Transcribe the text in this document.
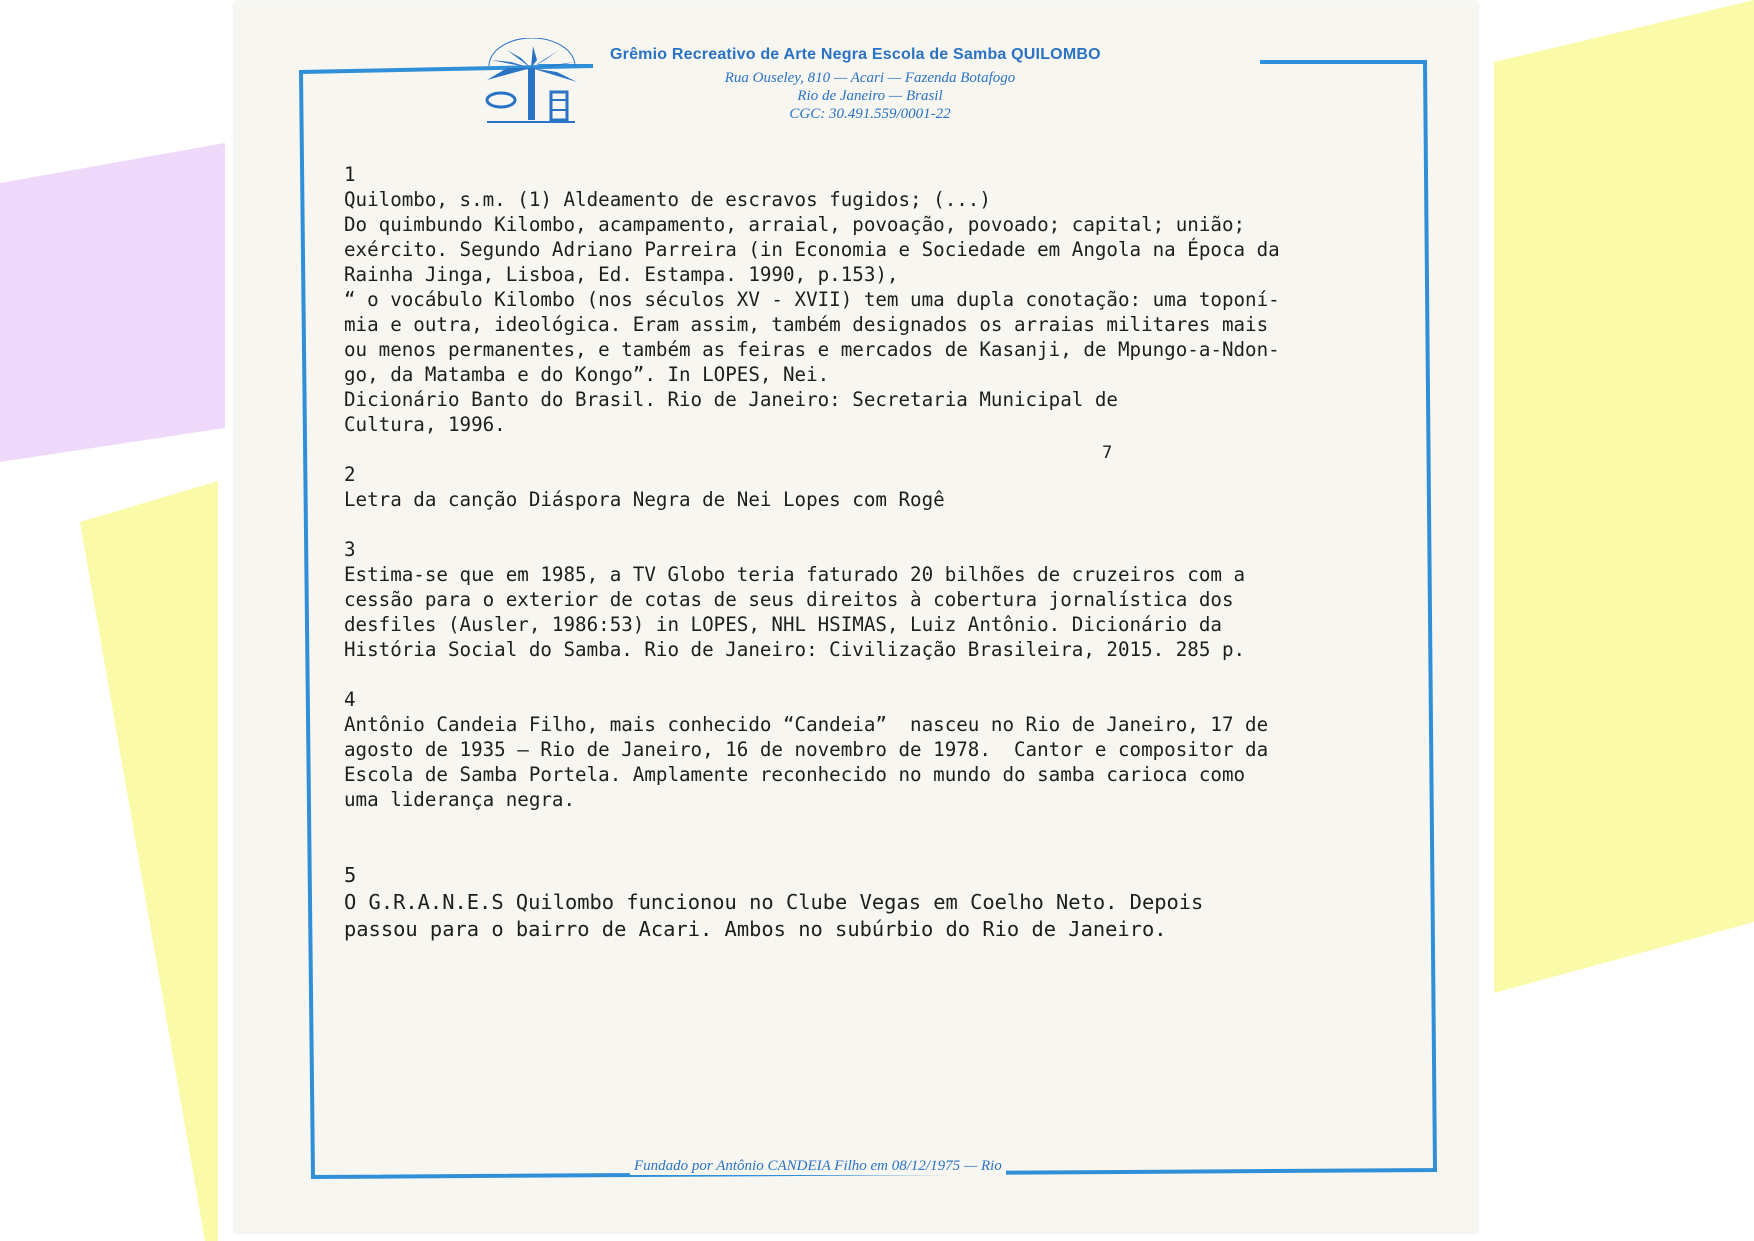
Grêmio Recreativo de Arte Negra Escola de Samba QUILOMBO
Rua Ouseley, 810 — Acari — Fazenda Botafogo
Rio de Janeiro — Brasil
CGC: 30.491.559/0001-22
7
1
Quilombo, s.m. (1) Aldeamento de escravos fugidos; (...)
Do quimbundo Kilombo, acampamento, arraial, povoação, povoado; capital; união;
exército. Segundo Adriano Parreira (in Economia e Sociedade em Angola na Época da
Rainha Jinga, Lisboa, Ed. Estampa. 1990, p.153),
“ o vocábulo Kilombo (nos séculos XV - XVII) tem uma dupla conotação: uma toponí-
mia e outra, ideológica. Eram assim, também designados os arraias militares mais
ou menos permanentes, e também as feiras e mercados de Kasanji, de Mpungo-a-Ndon-
go, da Matamba e do Kongo”. In LOPES, Nei.
Dicionário Banto do Brasil. Rio de Janeiro: Secretaria Municipal de
Cultura, 1996.
2
Letra da canção Diáspora Negra de Nei Lopes com Rogê
3
Estima-se que em 1985, a TV Globo teria faturado 20 bilhões de cruzeiros com a
cessão para o exterior de cotas de seus direitos à cobertura jornalística dos
desfiles (Ausler, 1986:53) in LOPES, NHL HSIMAS, Luiz Antônio. Dicionário da
História Social do Samba. Rio de Janeiro: Civilização Brasileira, 2015. 285 p.
4
Antônio Candeia Filho, mais conhecido “Candeia”  nasceu no Rio de Janeiro, 17 de
agosto de 1935 — Rio de Janeiro, 16 de novembro de 1978.  Cantor e compositor da
Escola de Samba Portela. Amplamente reconhecido no mundo do samba carioca como
uma liderança negra.
5
O G.R.A.N.E.S Quilombo funcionou no Clube Vegas em Coelho Neto. Depois
passou para o bairro de Acari. Ambos no subúrbio do Rio de Janeiro.
Fundado por Antônio CANDEIA Filho em 08/12/1975 — Rio
